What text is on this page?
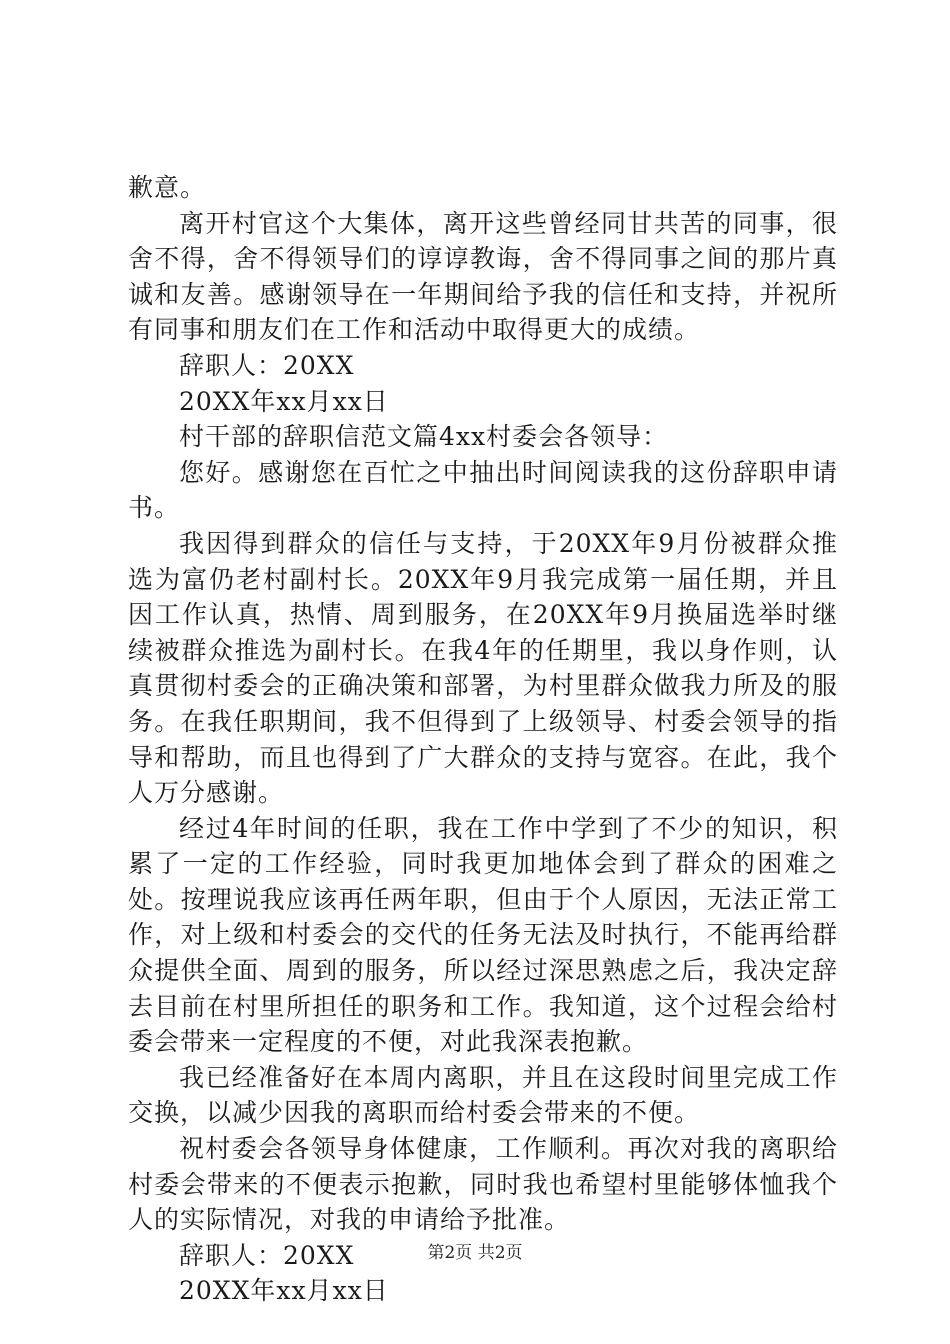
歉意。

离开村官这个大集体，离开这些曾经同甘共苦的同事，很舍不得，舍不得领导们的谆谆教诲，舍不得同事之间的那片真诚和友善。感谢领导在一年期间给予我的信任和支持，并祝所有同事和朋友们在工作和活动中取得更大的成绩。

辞职人：20XX

20XX年xx月xx日

村干部的辞职信范文篇4xx村委会各领导：

您好。感谢您在百忙之中抽出时间阅读我的这份辞职申请书。

我因得到群众的信任与支持，于20XX年9月份被群众推选为富仍老村副村长。20XX年9月我完成第一届任期，并且因工作认真，热情、周到服务，在20XX年9月换届选举时继续被群众推选为副村长。在我4年的任期里，我以身作则，认真贯彻村委会的正确决策和部署，为村里群众做我力所及的服务。在我任职期间，我不但得到了上级领导、村委会领导的指导和帮助，而且也得到了广大群众的支持与宽容。在此，我个人万分感谢。

经过4年时间的任职，我在工作中学到了不少的知识，积累了一定的工作经验，同时我更加地体会到了群众的困难之处。按理说我应该再任两年职，但由于个人原因，无法正常工作，对上级和村委会的交代的任务无法及时执行，不能再给群众提供全面、周到的服务，所以经过深思熟虑之后，我决定辞去目前在村里所担任的职务和工作。我知道，这个过程会给村委会带来一定程度的不便，对此我深表抱歉。

我已经准备好在本周内离职，并且在这段时间里完成工作交换，以减少因我的离职而给村委会带来的不便。

祝村委会各领导身体健康，工作顺利。再次对我的离职给村委会带来的不便表示抱歉，同时我也希望村里能够体恤我个人的实际情况，对我的申请给予批准。

辞职人：20XX

20XX年xx月xx日

第2页 共2页
